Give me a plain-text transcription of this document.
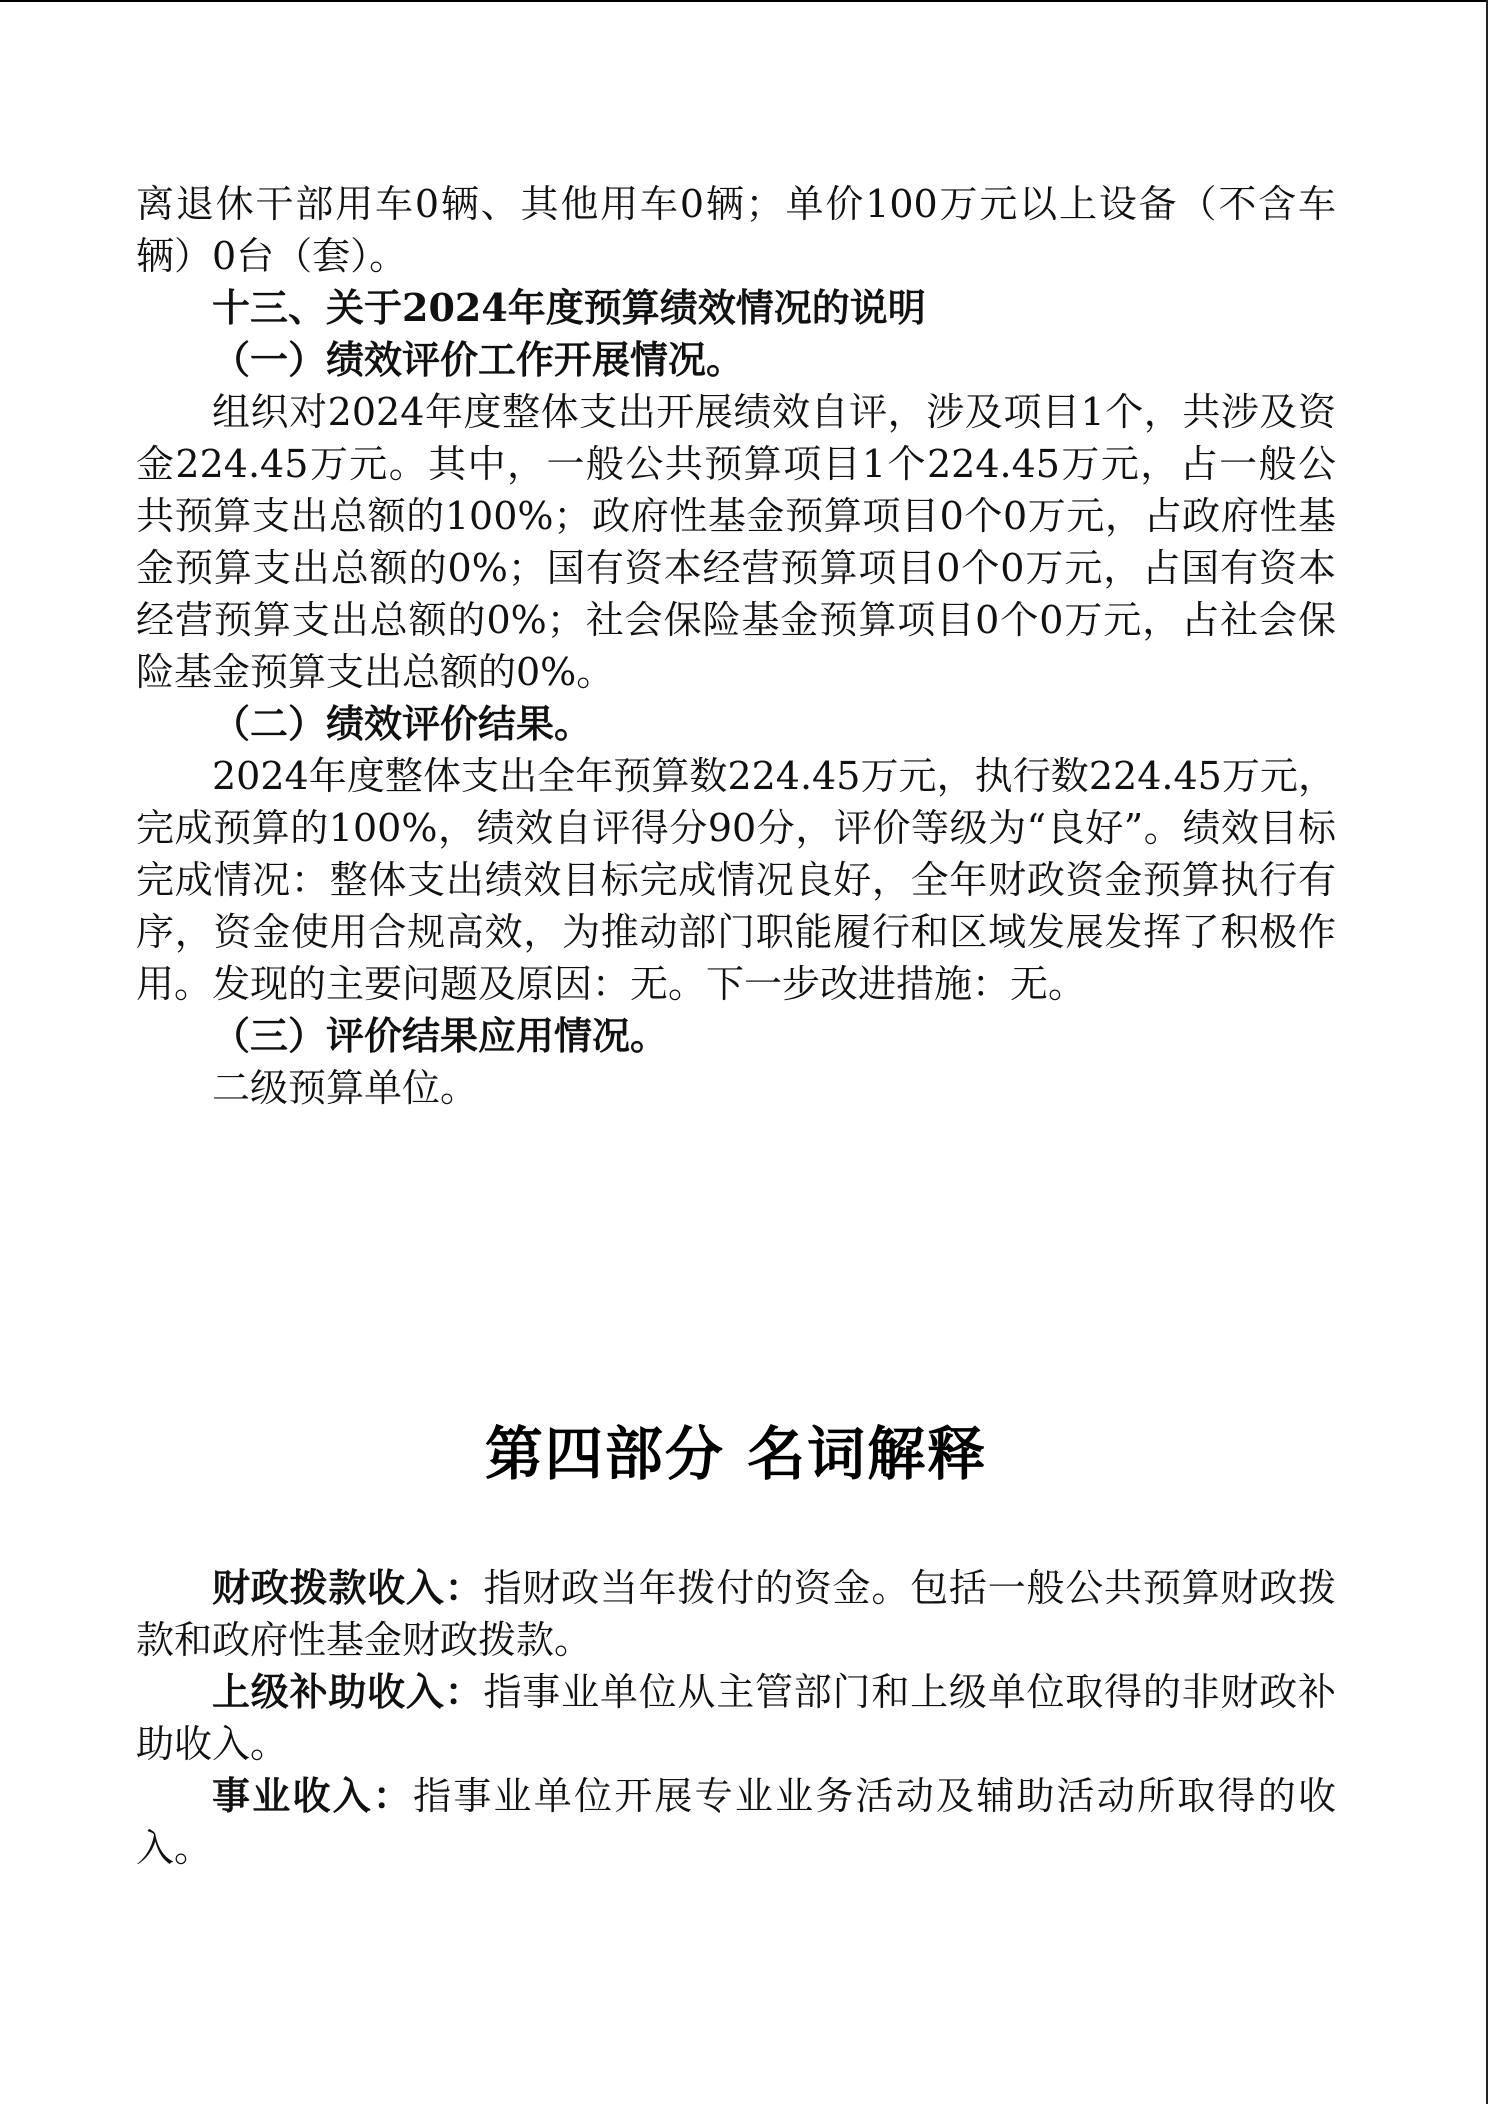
离退休干部用车0辆、其他用车0辆；单价100万元以上设备（不含车辆）0台（套）。

十三、关于2024年度预算绩效情况的说明

（一）绩效评价工作开展情况。

组织对2024年度整体支出开展绩效自评，涉及项目1个，共涉及资金224.45万元。其中，一般公共预算项目1个224.45万元，占一般公共预算支出总额的100%；政府性基金预算项目0个0万元，占政府性基金预算支出总额的0%；国有资本经营预算项目0个0万元，占国有资本经营预算支出总额的0%；社会保险基金预算项目0个0万元，占社会保险基金预算支出总额的0%。

（二）绩效评价结果。

2024年度整体支出全年预算数224.45万元，执行数224.45万元，完成预算的100%，绩效自评得分90分，评价等级为“良好”。绩效目标完成情况：整体支出绩效目标完成情况良好，全年财政资金预算执行有序，资金使用合规高效，为推动部门职能履行和区域发展发挥了积极作用。发现的主要问题及原因：无。下一步改进措施：无。

（三）评价结果应用情况。

二级预算单位。

第四部分 名词解释

财政拨款收入：指财政当年拨付的资金。包括一般公共预算财政拨款和政府性基金财政拨款。

上级补助收入：指事业单位从主管部门和上级单位取得的非财政补助收入。

事业收入：指事业单位开展专业业务活动及辅助活动所取得的收入。
